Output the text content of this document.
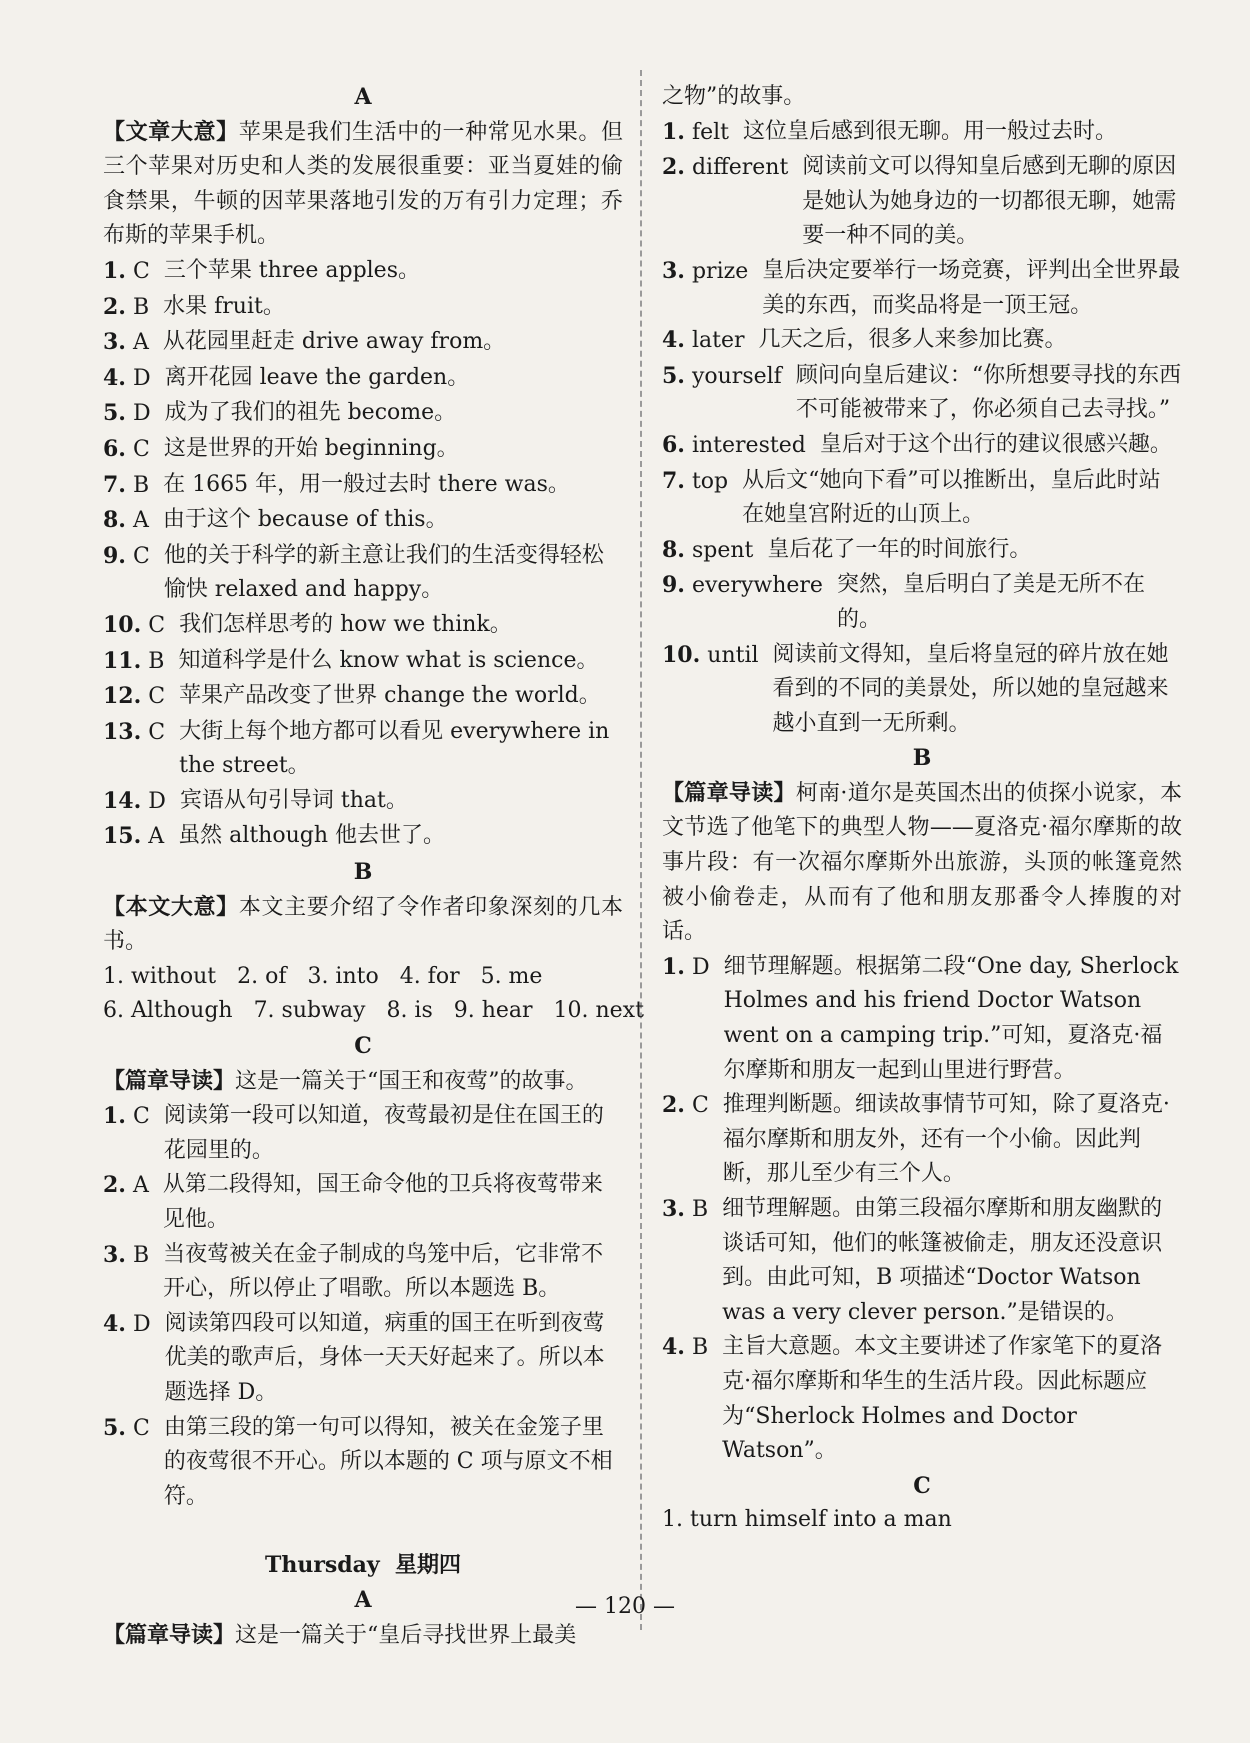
A
【文章大意】苹果是我们生活中的一种常见水果。但三个苹果对历史和人类的发展很重要：亚当夏娃的偷食禁果，牛顿的因苹果落地引发的万有引力定理；乔布斯的苹果手机。
1. C 三个苹果 three apples。
2. B 水果 fruit。
3. A 从花园里赶走 drive away from。
4. D 离开花园 leave the garden。
5. D 成为了我们的祖先 become。
6. C 这是世界的开始 beginning。
7. B 在 1665 年，用一般过去时 there was。
8. A 由于这个 because of this。
9. C 他的关于科学的新主意让我们的生活变得轻松愉快 relaxed and happy。
10. C 我们怎样思考的 how we think。
11. B 知道科学是什么 know what is science。
12. C 苹果产品改变了世界 change the world。
13. C 大街上每个地方都可以看见 everywhere in the street。
14. D 宾语从句引导词 that。
15. A 虽然 although 他去世了。
B
【本文大意】本文主要介绍了令作者印象深刻的几本书。
1. without   2. of   3. into   4. for   5. me
6. Although   7. subway   8. is   9. hear   10. next
C
【篇章导读】这是一篇关于“国王和夜莺”的故事。
1. C 阅读第一段可以知道，夜莺最初是住在国王的花园里的。
2. A 从第二段得知，国王命令他的卫兵将夜莺带来见他。
3. B 当夜莺被关在金子制成的鸟笼中后，它非常不开心，所以停止了唱歌。所以本题选 B。
4. D 阅读第四段可以知道，病重的国王在听到夜莺优美的歌声后，身体一天天好起来了。所以本题选择 D。
5. C 由第三段的第一句可以得知，被关在金笼子里的夜莺很不开心。所以本题的 C 项与原文不相符。
Thursday  星期四
A
【篇章导读】这是一篇关于“皇后寻找世界上最美
之物”的故事。
1. felt 这位皇后感到很无聊。用一般过去时。
2. different 阅读前文可以得知皇后感到无聊的原因是她认为她身边的一切都很无聊，她需要一种不同的美。
3. prize 皇后决定要举行一场竞赛，评判出全世界最美的东西，而奖品将是一顶王冠。
4. later 几天之后，很多人来参加比赛。
5. yourself 顾问向皇后建议：“你所想要寻找的东西不可能被带来了，你必须自己去寻找。”
6. interested 皇后对于这个出行的建议很感兴趣。
7. top 从后文“她向下看”可以推断出，皇后此时站在她皇宫附近的山顶上。
8. spent 皇后花了一年的时间旅行。
9. everywhere 突然，皇后明白了美是无所不在的。
10. until 阅读前文得知，皇后将皇冠的碎片放在她看到的不同的美景处，所以她的皇冠越来越小直到一无所剩。
B
【篇章导读】柯南·道尔是英国杰出的侦探小说家，本文节选了他笔下的典型人物——夏洛克·福尔摩斯的故事片段：有一次福尔摩斯外出旅游，头顶的帐篷竟然被小偷卷走，从而有了他和朋友那番令人捧腹的对话。
1. D 细节理解题。根据第二段“One day, Sherlock Holmes and his friend Doctor Watson went on a camping trip.”可知，夏洛克·福尔摩斯和朋友一起到山里进行野营。
2. C 推理判断题。细读故事情节可知，除了夏洛克·福尔摩斯和朋友外，还有一个小偷。因此判断，那儿至少有三个人。
3. B 细节理解题。由第三段福尔摩斯和朋友幽默的谈话可知，他们的帐篷被偷走，朋友还没意识到。由此可知，B 项描述“Doctor Watson was a very clever person.”是错误的。
4. B 主旨大意题。本文主要讲述了作家笔下的夏洛克·福尔摩斯和华生的生活片段。因此标题应为“Sherlock Holmes and Doctor Watson”。
C
1. turn himself into a man
— 120 —
